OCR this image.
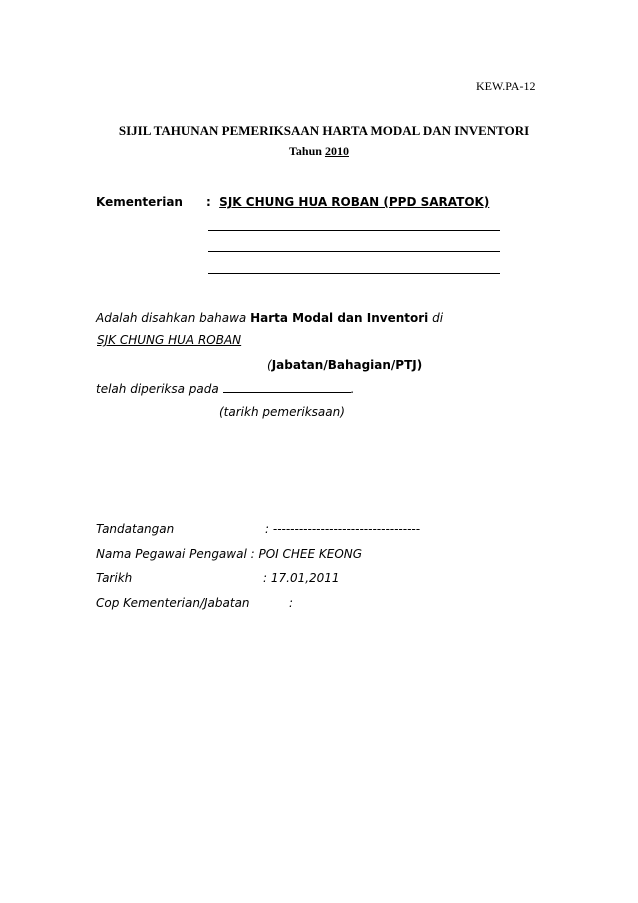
KEW.PA-12
SIJIL TAHUNAN PEMERIKSAAN HARTA MODAL DAN INVENTORI
Tahun 2010
Kementerian : SJK CHUNG HUA ROBAN (PPD SARATOK)
Adalah disahkan bahawa Harta Modal dan Inventori di
SJK CHUNG HUA ROBAN
(Jabatan/Bahagian/PTJ)
telah diperiksa pada	.
(tarikh pemeriksaan)
Tandatangan	: ----------------------------------
Nama Pegawai Pengawal : POI CHEE KEONG
Tarikh	: 17.01,2011
Cop Kementerian/Jabatan	:
